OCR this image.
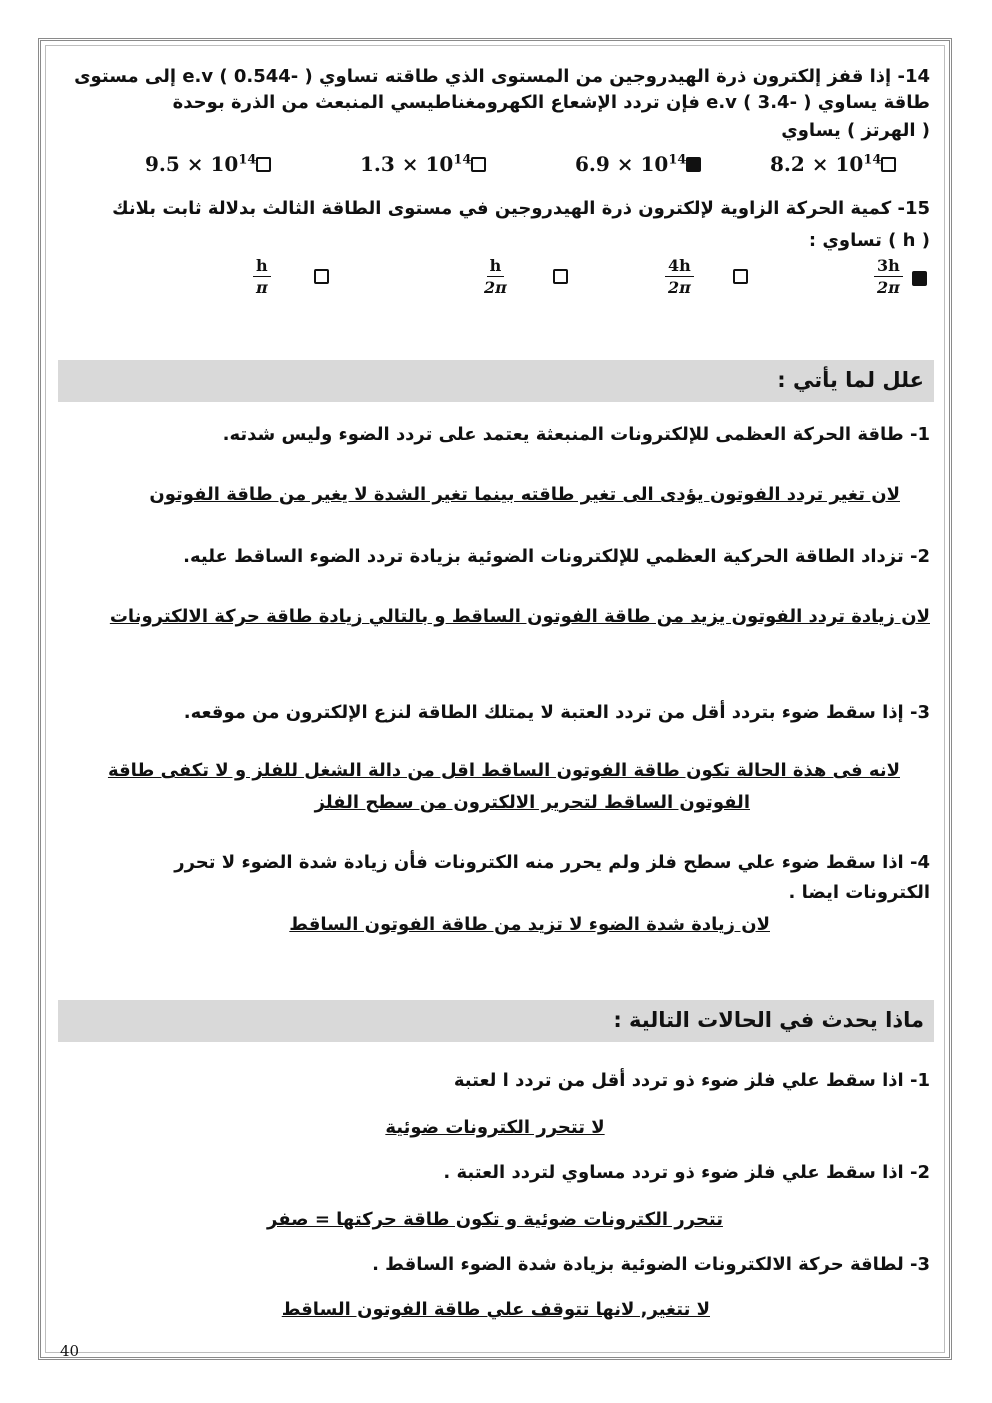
14- إذا قفز إلكترون ذرة الهيدروجين من المستوى الذي طاقته تساوي e.v ( 0.544- ) إلى مستوى
طاقة يساوي e.v ( 3.4- ) فإن تردد الإشعاع الكهرومغناطيسي المنبعث من الذرة بوحدة
( الهرتز ) يساوي
$8.2 \times 10^{14}$
$6.9 \times 10^{14}$
$1.3 \times 10^{14}$
$9.5 \times 10^{14}$
15- كمية الحركة الزاوية لإلكترون ذرة الهيدروجين في مستوى الطاقة الثالث بدلالة ثابت بلانك
( h ) تساوي :
$\frac{3h}{2\pi}$
$\frac{4h}{2\pi}$
$\frac{h}{2\pi}$
$\frac{h}{\pi}$
علل لما يأتي :
1- طاقة الحركة العظمى للإلكترونات المنبعثة يعتمد على تردد الضوء وليس شدته.
لان تغير تردد الفوتون يؤدى الى تغير طاقته بينما تغير الشدة لا يغير من طاقة الفوتون
2- تزداد الطاقة الحركية العظمي للإلكترونات الضوئية بزيادة تردد الضوء الساقط عليه.
لان زيادة تردد الفوتون يزيد من طاقة الفوتون الساقط و بالتالي زيادة طاقة حركة الالكترونات
3- إذا سقط ضوء بتردد أقل من تردد العتبة لا يمتلك الطاقة لنزع الإلكترون من موقعه.
لانه فى هذة الحالة تكون طاقة الفوتون الساقط اقل من دالة الشغل للفلز و لا تكفى طاقة
الفوتون الساقط لتحرير الالكترون من سطح الفلز
4- اذا سقط ضوء علي سطح فلز ولم يحرر منه الكترونات فأن زيادة شدة الضوء لا تحرر
الكترونات ايضا .
لان زيادة شدة الضوء لا تزيد من طاقة الفوتون الساقط
ماذا يحدث في الحالات التالية :
1- اذا سقط علي فلز ضوء ذو تردد أقل من تردد ا لعتبة
لا تتحرر الكترونات ضوئية
2- اذا سقط علي فلز ضوء ذو تردد مساوي لتردد العتبة .
تتحرر الكترونات ضوئية و تكون طاقة حركتها = صفر
3- لطاقة حركة الالكترونات الضوئية بزيادة شدة الضوء الساقط .
لا تتغير, لانها تتوقف علي طاقة الفوتون الساقط
40
